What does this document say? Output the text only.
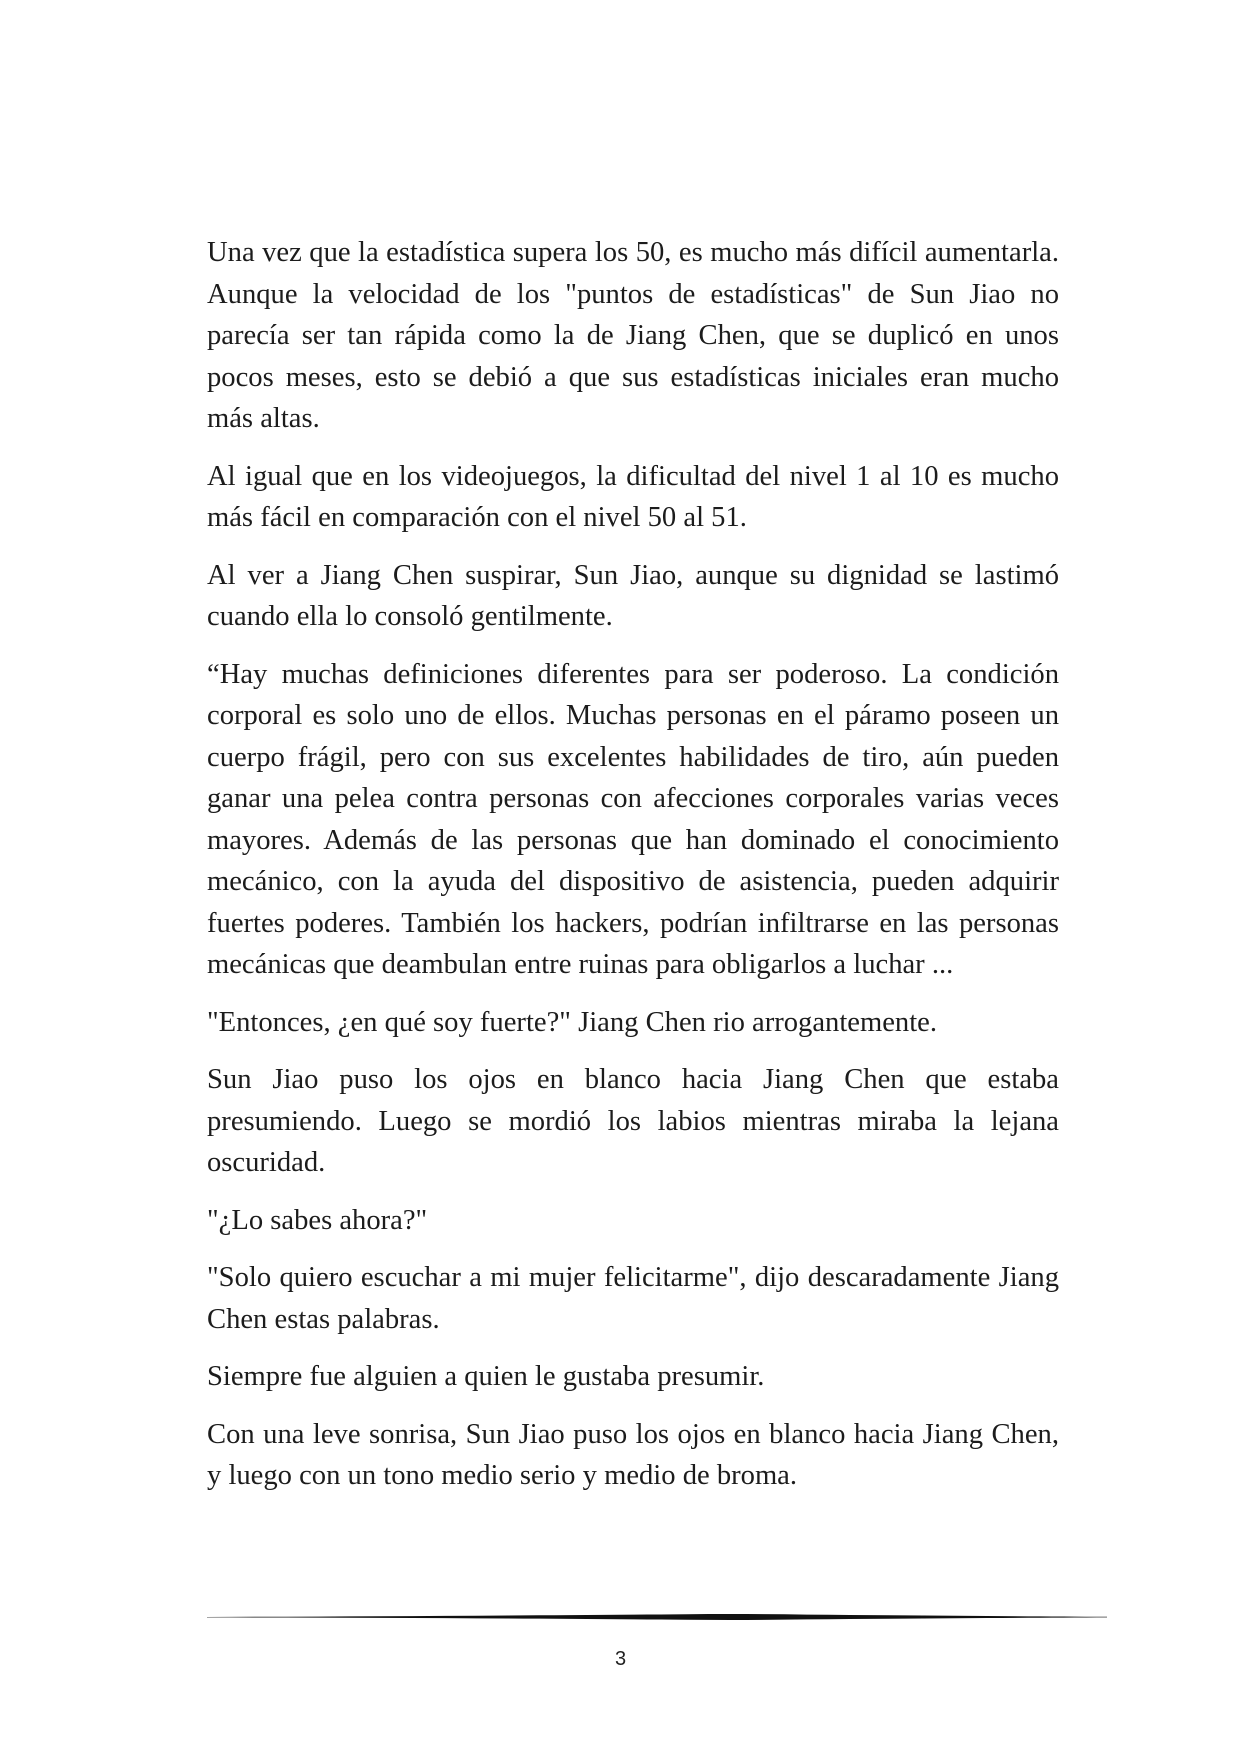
Una vez que la estadística supera los 50, es mucho más difícil aumentarla. Aunque la velocidad de los "puntos de estadísticas" de Sun Jiao no parecía ser tan rápida como la de Jiang Chen, que se duplicó en unos pocos meses, esto se debió a que sus estadísticas iniciales eran mucho más altas.

Al igual que en los videojuegos, la dificultad del nivel 1 al 10 es mucho más fácil en comparación con el nivel 50 al 51.

Al ver a Jiang Chen suspirar, Sun Jiao, aunque su dignidad se lastimó cuando ella lo consoló gentilmente.

“Hay muchas definiciones diferentes para ser poderoso. La condición corporal es solo uno de ellos. Muchas personas en el páramo poseen un cuerpo frágil, pero con sus excelentes habilidades de tiro, aún pueden ganar una pelea contra personas con afecciones corporales varias veces mayores. Además de las personas que han dominado el conocimiento mecánico, con la ayuda del dispositivo de asistencia, pueden adquirir fuertes poderes. También los hackers, podrían infiltrarse en las personas mecánicas que deambulan entre ruinas para obligarlos a luchar ...

"Entonces, ¿en qué soy fuerte?" Jiang Chen rio arrogantemente.

Sun Jiao puso los ojos en blanco hacia Jiang Chen que estaba presumiendo. Luego se mordió los labios mientras miraba la lejana oscuridad.

"¿Lo sabes ahora?"

"Solo quiero escuchar a mi mujer felicitarme", dijo descaradamente Jiang Chen estas palabras.

Siempre fue alguien a quien le gustaba presumir.

Con una leve sonrisa, Sun Jiao puso los ojos en blanco hacia Jiang Chen, y luego con un tono medio serio y medio de broma.

3
